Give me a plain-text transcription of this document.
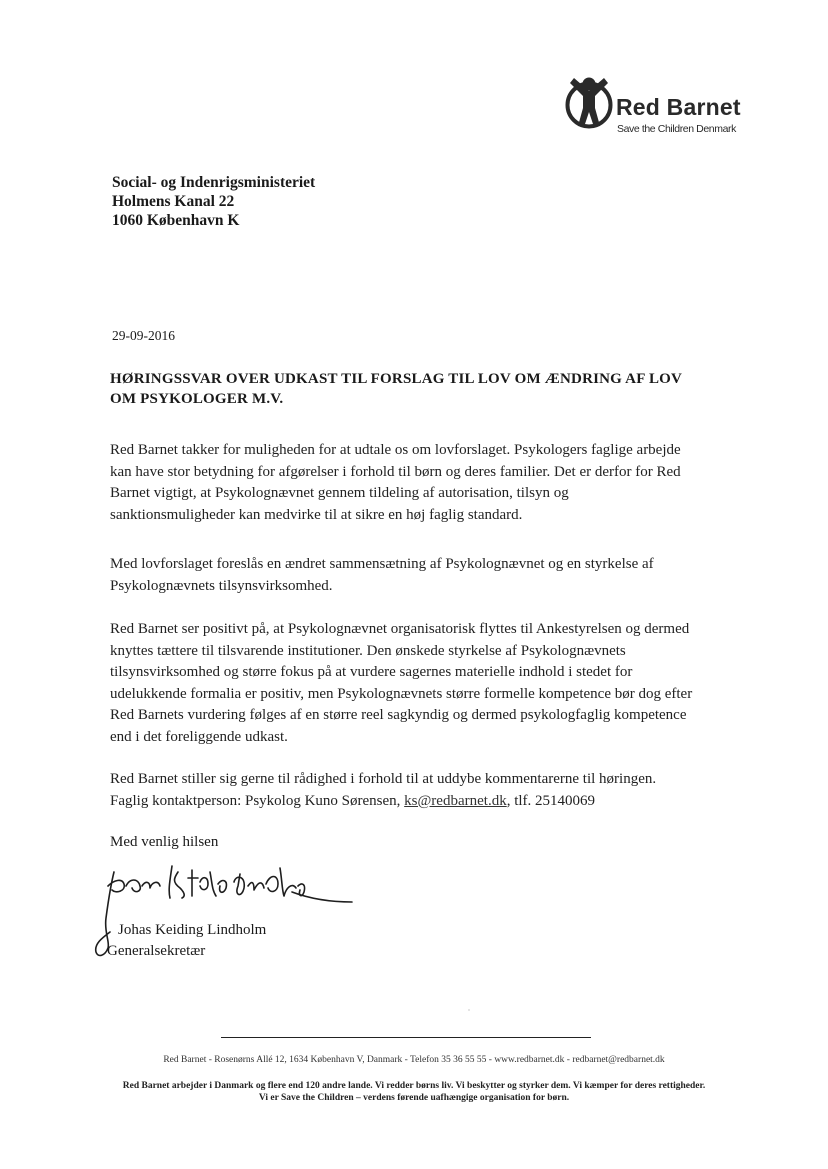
Red Barnet
Save the Children Denmark
Social- og Indenrigsministeriet
Holmens Kanal 22
1060 København K
29-09-2016
HØRINGSSVAR OVER UDKAST TIL FORSLAG TIL LOV OM ÆNDRING AF LOV OM PSYKOLOGER M.V.
Red Barnet takker for muligheden for at udtale os om lovforslaget. Psykologers faglige arbejde kan have stor betydning for afgørelser i forhold til børn og deres familier. Det er derfor for Red Barnet vigtigt, at Psykolognævnet gennem tildeling af autorisation, tilsyn og sanktionsmuligheder kan medvirke til at sikre en høj faglig standard.
Med lovforslaget foreslås en ændret sammensætning af Psykolognævnet og en styrkelse af Psykolognævnets tilsynsvirksomhed.
Red Barnet ser positivt på, at Psykolognævnet organisatorisk flyttes til Ankestyrelsen og dermed knyttes tættere til tilsvarende institutioner. Den ønskede styrkelse af Psykolognævnets tilsynsvirksomhed og større fokus på at vurdere sagernes materielle indhold i stedet for udelukkende formalia er positiv, men Psykolognævnets større formelle kompetence bør dog efter Red Barnets vurdering følges af en større reel sagkyndig og dermed psykologfaglig kompetence end i det foreliggende udkast.
Red Barnet stiller sig gerne til rådighed i forhold til at uddybe kommentarerne til høringen.
Faglig kontaktperson: Psykolog Kuno Sørensen, ks@redbarnet.dk, tlf. 25140069
Med venlig hilsen
Johas Keiding Lindholm
Generalsekretær
Red Barnet - Rosenørns Allé 12, 1634 København V, Danmark - Telefon 35 36 55 55 - www.redbarnet.dk - redbarnet@redbarnet.dk
Red Barnet arbejder i Danmark og flere end 120 andre lande. Vi redder børns liv. Vi beskytter og styrker dem. Vi kæmper for deres rettigheder.
Vi er Save the Children – verdens førende uafhængige organisation for børn.
